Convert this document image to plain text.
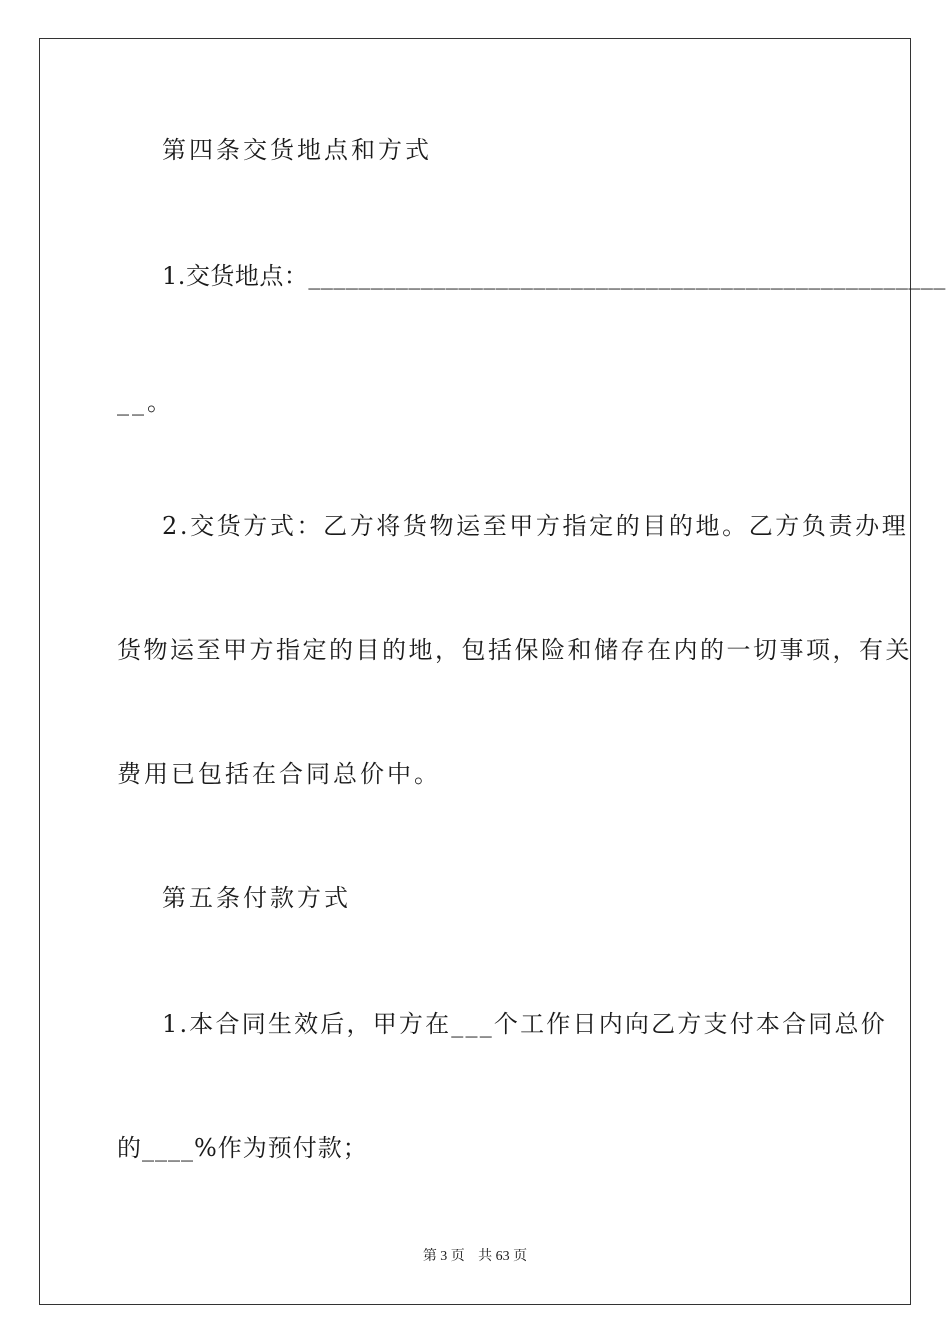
第四条交货地点和方式
1.交货地点：___________________________________________________
__。
2.交货方式：乙方将货物运至甲方指定的目的地。乙方负责办理
货物运至甲方指定的目的地，包括保险和储存在内的一切事项，有关
费用已包括在合同总价中。
第五条付款方式
1.本合同生效后，甲方在___个工作日内向乙方支付本合同总价
的____%作为预付款；
第 3 页 共 63 页
